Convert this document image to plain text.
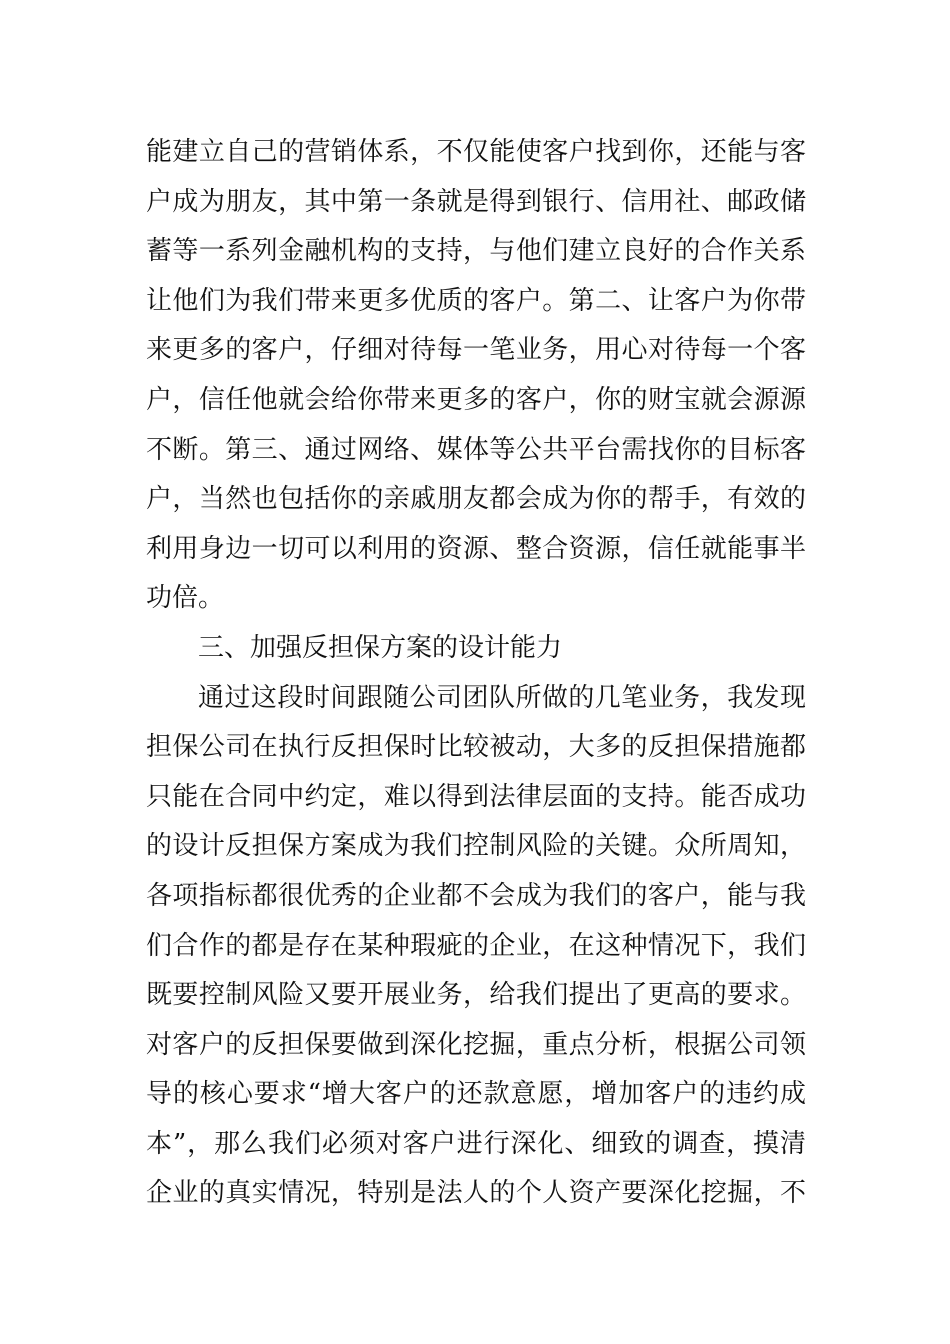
能建立自己的营销体系，不仅能使客户找到你，还能与客
户成为朋友，其中第一条就是得到银行、信用社、邮政储
蓄等一系列金融机构的支持，与他们建立良好的合作关系
让他们为我们带来更多优质的客户。第二、让客户为你带
来更多的客户，仔细对待每一笔业务，用心对待每一个客
户，信任他就会给你带来更多的客户，你的财宝就会源源
不断。第三、通过网络、媒体等公共平台需找你的目标客
户，当然也包括你的亲戚朋友都会成为你的帮手，有效的
利用身边一切可以利用的资源、整合资源，信任就能事半
功倍。
三、加强反担保方案的设计能力
通过这段时间跟随公司团队所做的几笔业务，我发现
担保公司在执行反担保时比较被动，大多的反担保措施都
只能在合同中约定，难以得到法律层面的支持。能否成功
的设计反担保方案成为我们控制风险的关键。众所周知，
各项指标都很优秀的企业都不会成为我们的客户，能与我
们合作的都是存在某种瑕疵的企业，在这种情况下，我们
既要控制风险又要开展业务，给我们提出了更高的要求。
对客户的反担保要做到深化挖掘，重点分析，根据公司领
导的核心要求“增大客户的还款意愿，增加客户的违约成
本”，那么我们必须对客户进行深化、细致的调查，摸清
企业的真实情况，特别是法人的个人资产要深化挖掘，不
